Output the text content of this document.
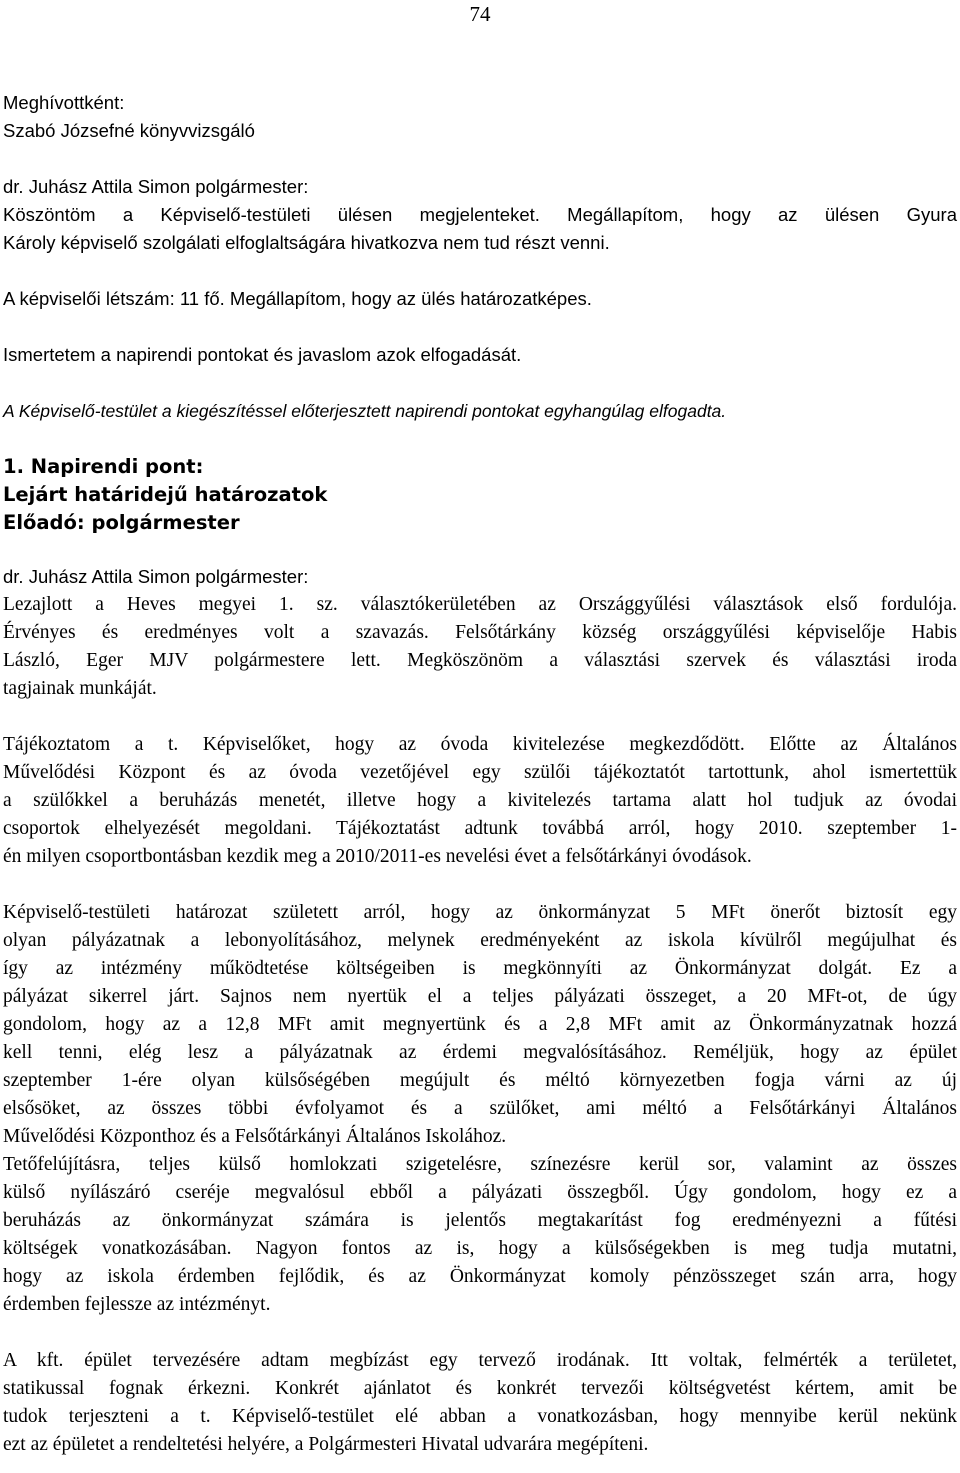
74
Meghívottként:
Szabó Józsefné könyvvizsgáló
dr. Juhász Attila Simon polgármester:
Köszöntöm a Képviselő-testületi ülésen megjelenteket. Megállapítom, hogy az ülésen Gyura
Károly képviselő szolgálati elfoglaltságára hivatkozva nem tud részt venni.
A képviselői létszám: 11 fő. Megállapítom, hogy az ülés határozatképes.
Ismertetem a napirendi pontokat és javaslom azok elfogadását.
A Képviselő-testület a kiegészítéssel előterjesztett napirendi pontokat egyhangúlag elfogadta.
1. Napirendi pont:
Lejárt határidejű határozatok
Előadó: polgármester
dr. Juhász Attila Simon polgármester:

Lezajlott a Heves megyei 1. sz. választókerületében az Országgyűlési választások első fordulója.
Érvényes és eredményes volt a szavazás. Felsőtárkány község országgyűlési képviselője Habis
László, Eger MJV polgármestere lett. Megköszönöm a választási szervek és választási iroda
tagjainak munkáját.

Tájékoztatom a t. Képviselőket, hogy az óvoda kivitelezése megkezdődött. Előtte az Általános
Művelődési Központ és az óvoda vezetőjével egy szülői tájékoztatót tartottunk, ahol ismertettük
a szülőkkel a beruházás menetét, illetve hogy a kivitelezés tartama alatt hol tudjuk az óvodai
csoportok elhelyezését megoldani. Tájékoztatást adtunk továbbá arról, hogy 2010. szeptember 1-
én milyen csoportbontásban kezdik meg a 2010/2011-es nevelési évet a felsőtárkányi óvodások.

Képviselő-testületi határozat született arról, hogy az önkormányzat 5 MFt önerőt biztosít egy
olyan pályázatnak a lebonyolításához, melynek eredményeként az iskola kívülről megújulhat és
így az intézmény működtetése költségeiben is megkönnyíti az Önkormányzat dolgát. Ez a
pályázat sikerrel járt. Sajnos nem nyertük el a teljes pályázati összeget, a 20 MFt-ot, de úgy
gondolom, hogy az a 12,8 MFt amit megnyertünk és a 2,8 MFt amit az Önkormányzatnak hozzá
kell tenni, elég lesz a pályázatnak az érdemi megvalósításához. Reméljük, hogy az épület
szeptember 1-ére olyan külsőségében megújult és méltó környezetben fogja várni az új
elsősöket, az összes többi évfolyamot és a szülőket, ami méltó a Felsőtárkányi Általános
Művelődési Központhoz és a Felsőtárkányi Általános Iskolához.

Tetőfelújításra, teljes külső homlokzati szigetelésre, színezésre kerül sor, valamint az összes
külső nyílászáró cseréje megvalósul ebből a pályázati összegből. Úgy gondolom, hogy ez a
beruházás az önkormányzat számára is jelentős megtakarítást fog eredményezni a fűtési
költségek vonatkozásában. Nagyon fontos az is, hogy a külsőségekben is meg tudja mutatni,
hogy az iskola érdemben fejlődik, és az Önkormányzat komoly pénzösszeget szán arra, hogy
érdemben fejlessze az intézményt.

A kft. épület tervezésére adtam megbízást egy tervező irodának. Itt voltak, felmérték a területet,
statikussal fognak érkezni. Konkrét ajánlatot és konkrét tervezői költségvetést kértem, amit be
tudok terjeszteni a t. Képviselő-testület elé abban a vonatkozásban, hogy mennyibe kerül nekünk
ezt az épületet a rendeltetési helyére, a Polgármesteri Hivatal udvarára megépíteni.
